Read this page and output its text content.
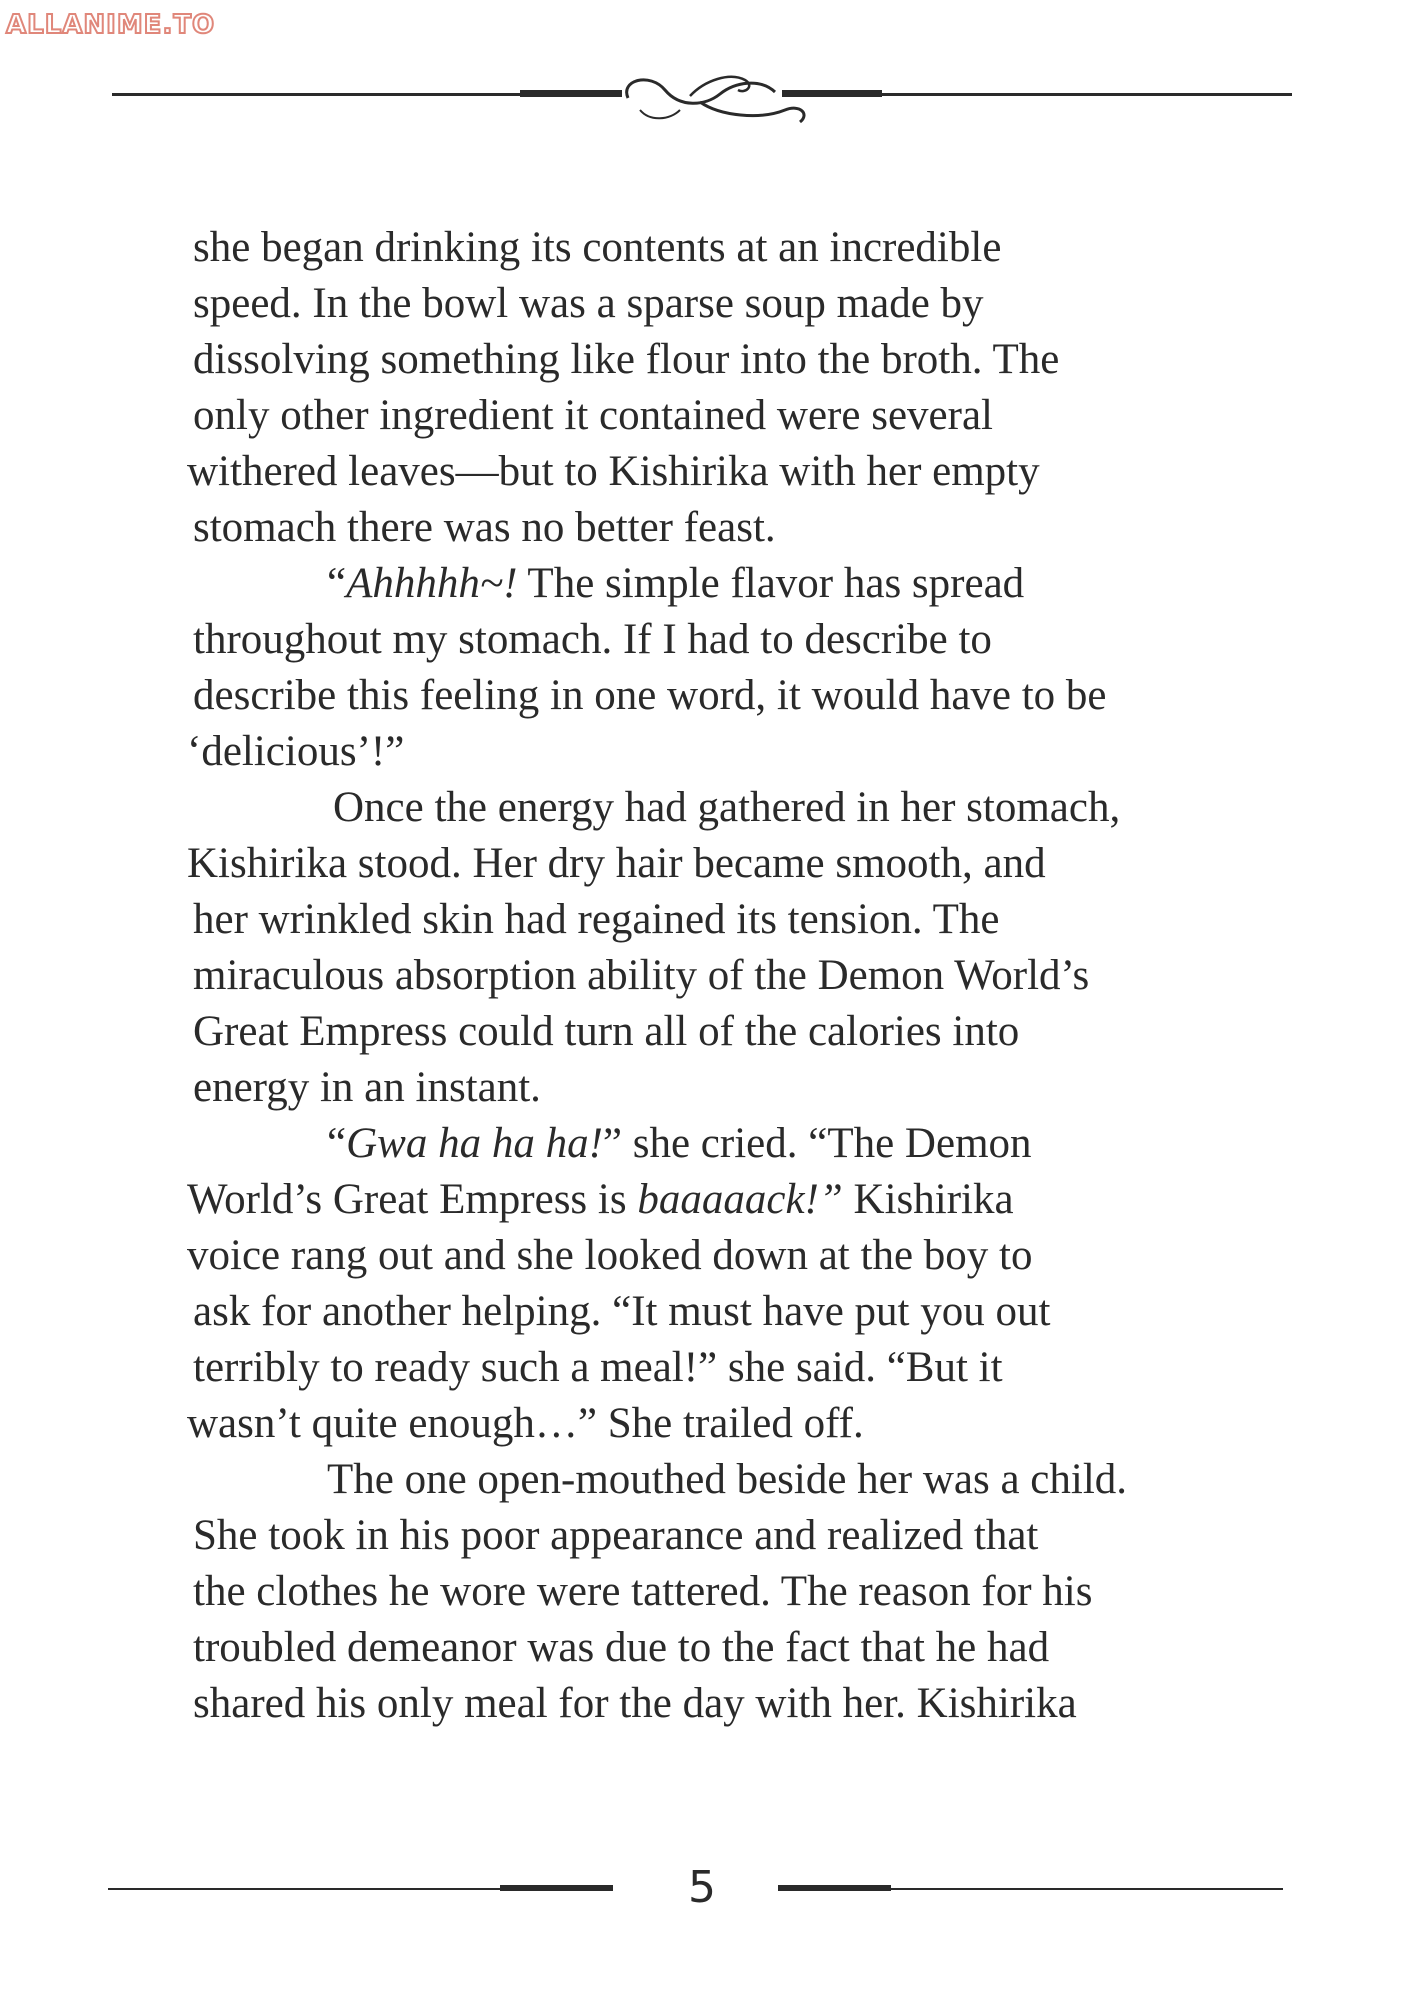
ALLANIME.TO
she began drinking its contents at an incredible
speed. In the bowl was a sparse soup made by
dissolving something like flour into the broth. The
only other ingredient it contained were several
withered leaves—but to Kishirika with her empty
stomach there was no better feast.
“Ahhhhh~! The simple flavor has spread
throughout my stomach. If I had to describe to
describe this feeling in one word, it would have to be
‘delicious’!”
Once the energy had gathered in her stomach,
Kishirika stood. Her dry hair became smooth, and
her wrinkled skin had regained its tension. The
miraculous absorption ability of the Demon World’s
Great Empress could turn all of the calories into
energy in an instant.
“Gwa ha ha ha!” she cried. “The Demon
World’s Great Empress is baaaaack!” Kishirika
voice rang out and she looked down at the boy to
ask for another helping. “It must have put you out
terribly to ready such a meal!” she said. “But it
wasn’t quite enough…” She trailed off.
The one open-mouthed beside her was a child.
She took in his poor appearance and realized that
the clothes he wore were tattered. The reason for his
troubled demeanor was due to the fact that he had
shared his only meal for the day with her. Kishirika
5
